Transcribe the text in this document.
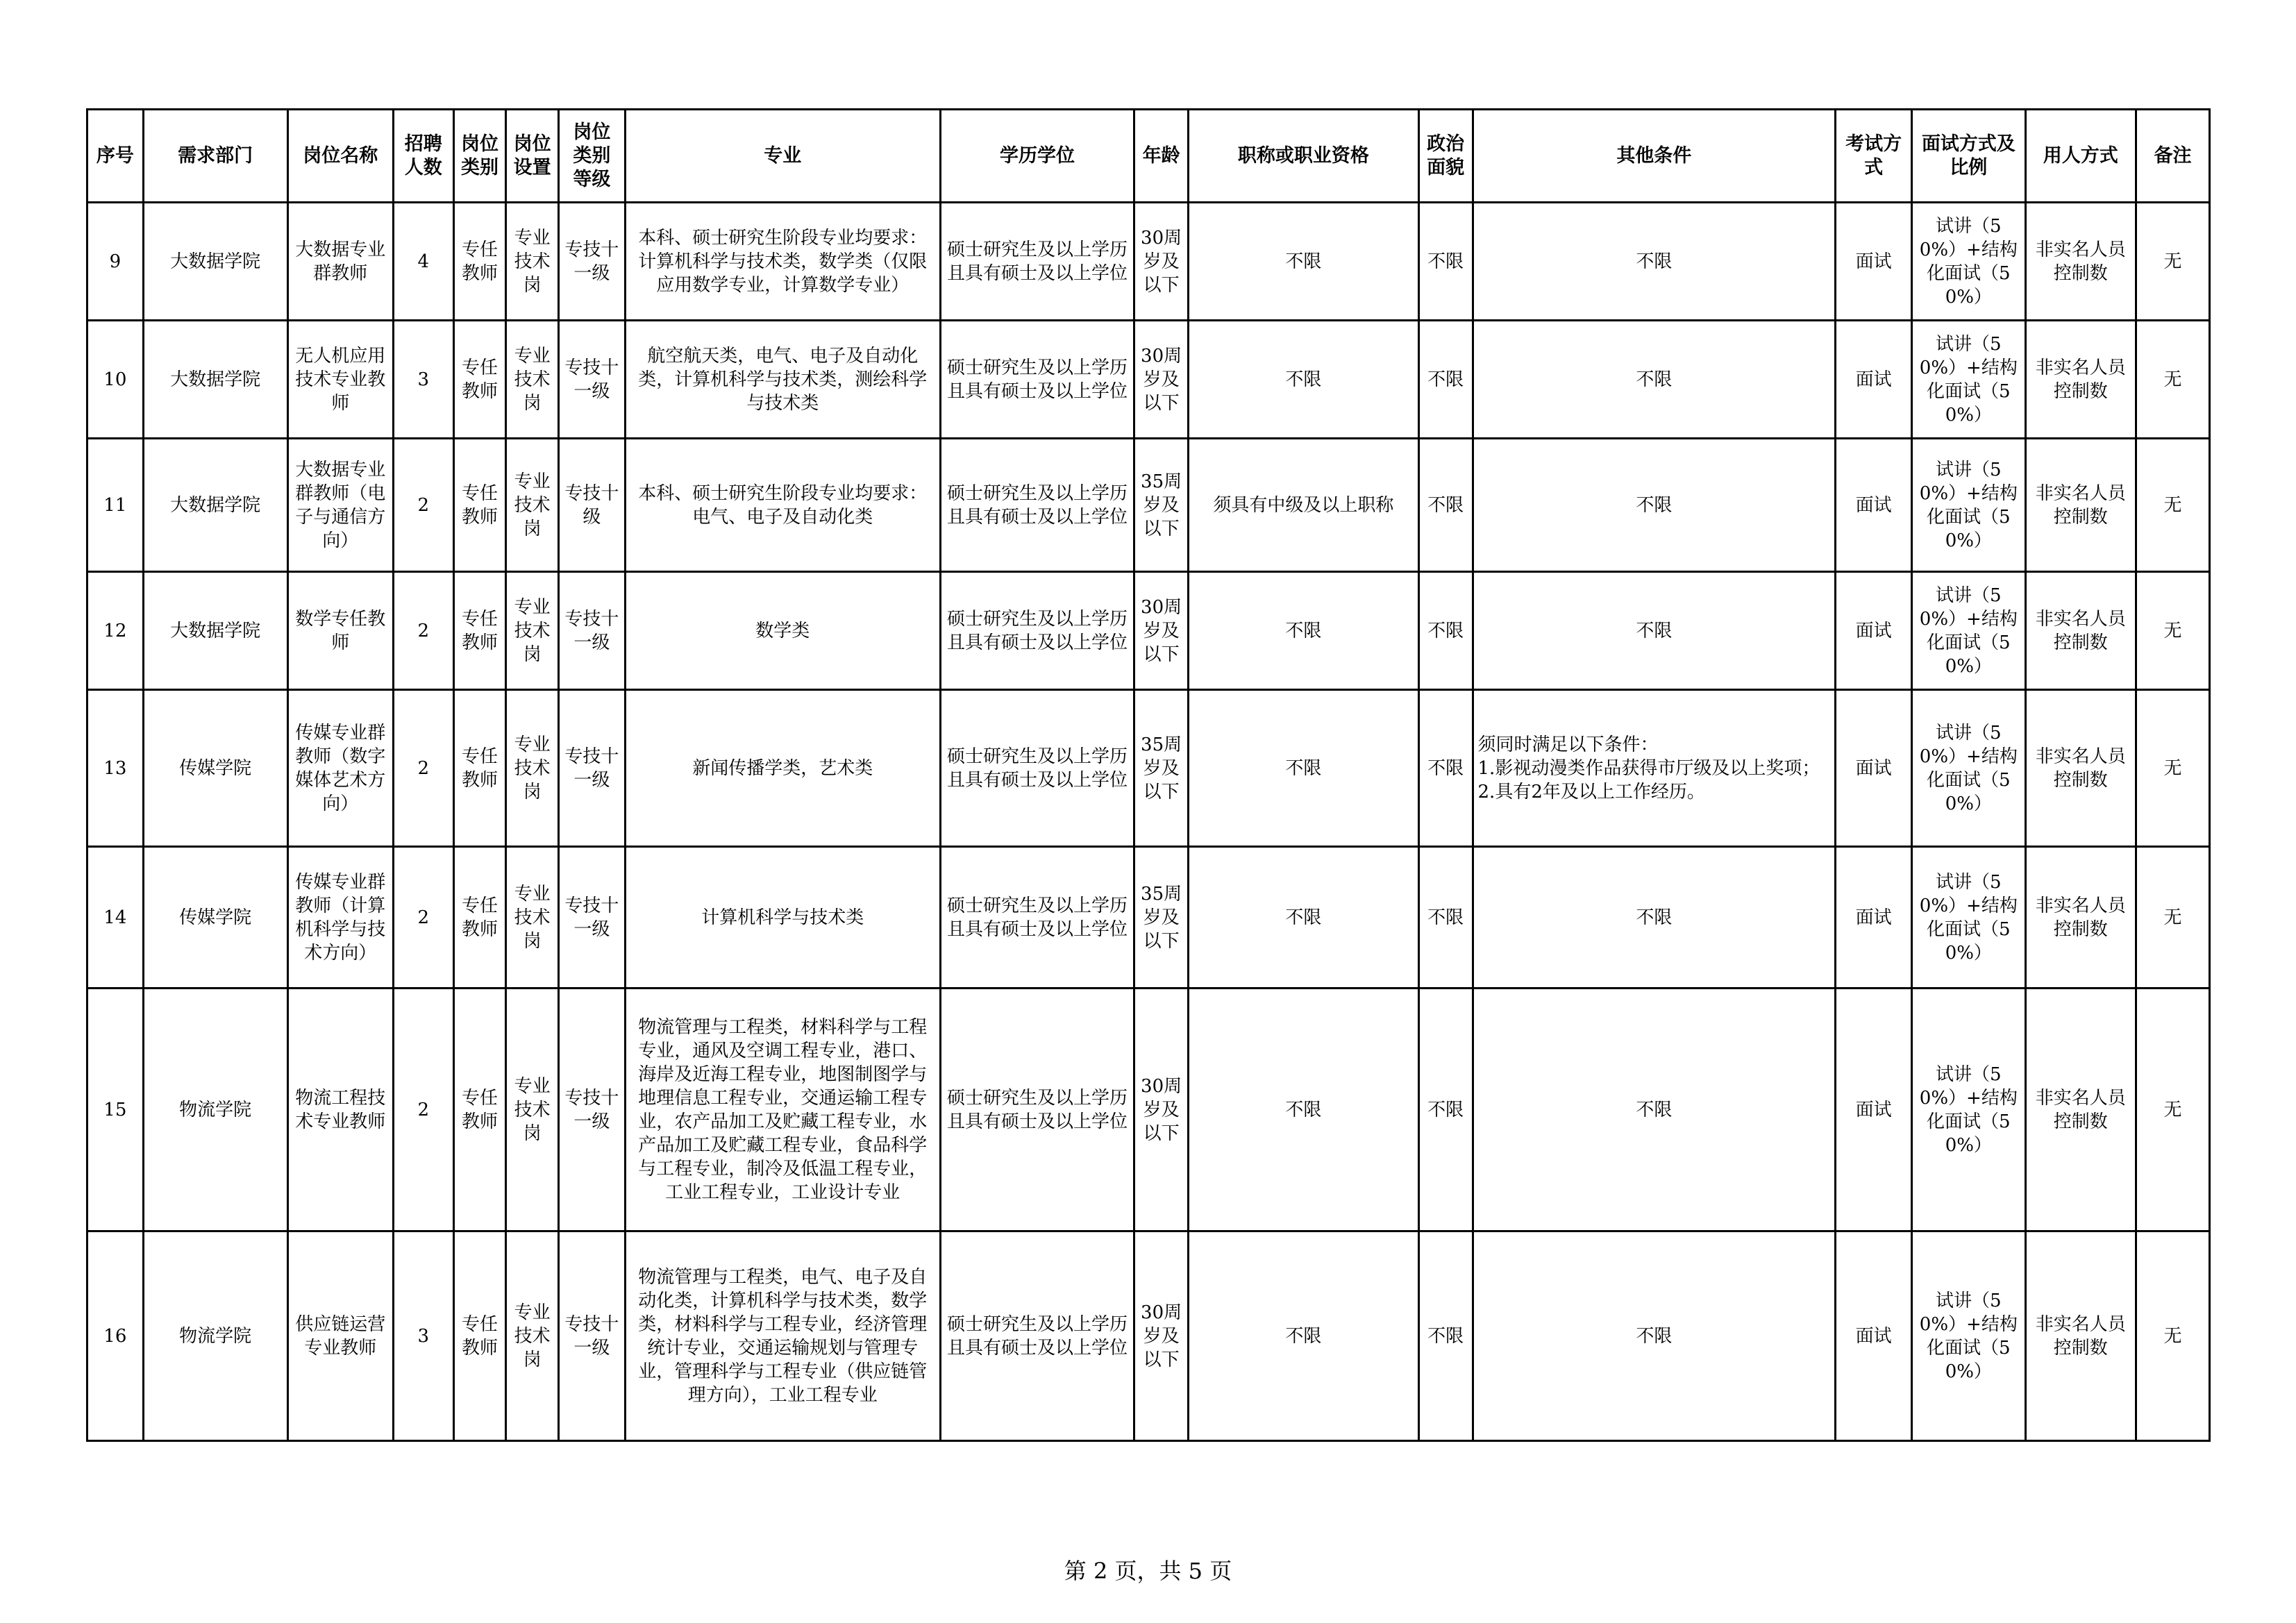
序号	需求部门	岗位名称	招聘人数	岗位类别	岗位设置	岗位类别等级	专业	学历学位	年龄	职称或职业资格	政治面貌	其他条件	考试方式	面试方式及比例	用人方式	备注
9	大数据学院	大数据专业群教师	4	专任教师	专业技术岗	专技十一级	本科、硕士研究生阶段专业均要求：计算机科学与技术类，数学类（仅限应用数学专业，计算数学专业）	硕士研究生及以上学历且具有硕士及以上学位	30周岁及以下	不限	不限	不限	面试	试讲（50%）+结构化面试（50%）	非实名人员控制数	无
10	大数据学院	无人机应用技术专业教师	3	专任教师	专业技术岗	专技十一级	航空航天类，电气、电子及自动化类，计算机科学与技术类，测绘科学与技术类	硕士研究生及以上学历且具有硕士及以上学位	30周岁及以下	不限	不限	不限	面试	试讲（50%）+结构化面试（50%）	非实名人员控制数	无
11	大数据学院	大数据专业群教师（电子与通信方向）	2	专任教师	专业技术岗	专技十级	本科、硕士研究生阶段专业均要求：电气、电子及自动化类	硕士研究生及以上学历且具有硕士及以上学位	35周岁及以下	须具有中级及以上职称	不限	不限	面试	试讲（50%）+结构化面试（50%）	非实名人员控制数	无
12	大数据学院	数学专任教师	2	专任教师	专业技术岗	专技十一级	数学类	硕士研究生及以上学历且具有硕士及以上学位	30周岁及以下	不限	不限	不限	面试	试讲（50%）+结构化面试（50%）	非实名人员控制数	无
13	传媒学院	传媒专业群教师（数字媒体艺术方向）	2	专任教师	专业技术岗	专技十一级	新闻传播学类，艺术类	硕士研究生及以上学历且具有硕士及以上学位	35周岁及以下	不限	不限	须同时满足以下条件：
1.影视动漫类作品获得市厅级及以上奖项；
2.具有2年及以上工作经历。	面试	试讲（50%）+结构化面试（50%）	非实名人员控制数	无
14	传媒学院	传媒专业群教师（计算机科学与技术方向）	2	专任教师	专业技术岗	专技十一级	计算机科学与技术类	硕士研究生及以上学历且具有硕士及以上学位	35周岁及以下	不限	不限	不限	面试	试讲（50%）+结构化面试（50%）	非实名人员控制数	无
15	物流学院	物流工程技术专业教师	2	专任教师	专业技术岗	专技十一级	物流管理与工程类，材料科学与工程专业，通风及空调工程专业，港口、海岸及近海工程专业，地图制图学与地理信息工程专业，交通运输工程专业，农产品加工及贮藏工程专业，水产品加工及贮藏工程专业，食品科学与工程专业，制冷及低温工程专业，工业工程专业，工业设计专业	硕士研究生及以上学历且具有硕士及以上学位	30周岁及以下	不限	不限	不限	面试	试讲（50%）+结构化面试（50%）	非实名人员控制数	无
16	物流学院	供应链运营专业教师	3	专任教师	专业技术岗	专技十一级	物流管理与工程类，电气、电子及自动化类，计算机科学与技术类，数学类，材料科学与工程专业，经济管理统计专业，交通运输规划与管理专业，管理科学与工程专业（供应链管理方向），工业工程专业	硕士研究生及以上学历且具有硕士及以上学位	30周岁及以下	不限	不限	不限	面试	试讲（50%）+结构化面试（50%）	非实名人员控制数	无
第 2 页，共 5 页
